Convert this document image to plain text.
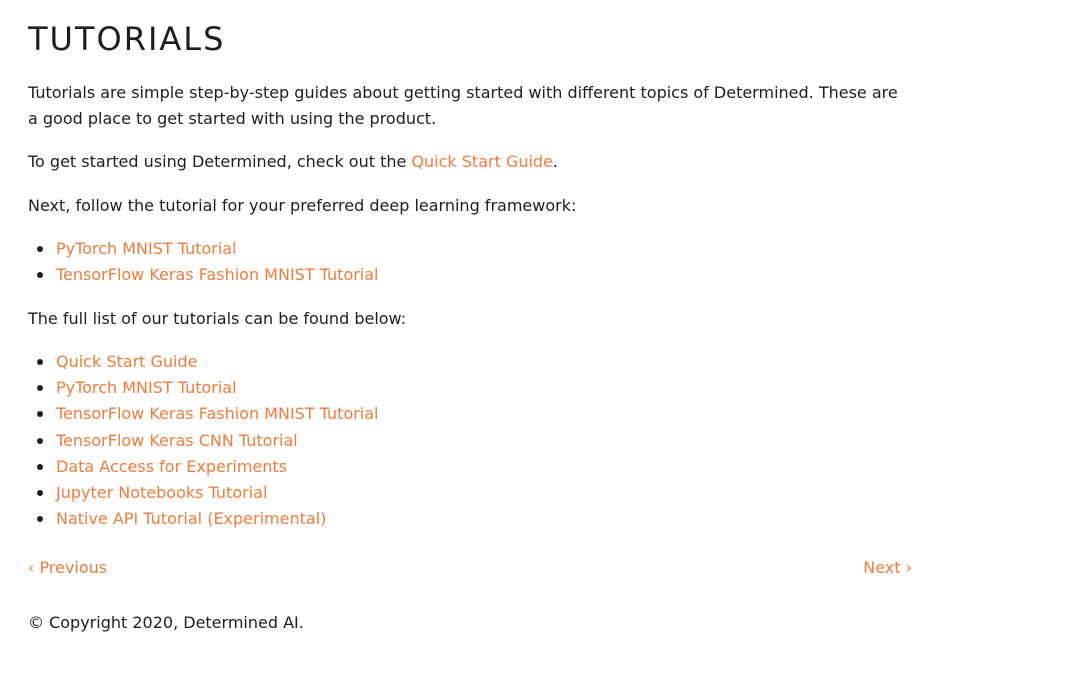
TUTORIALS

Tutorials are simple step-by-step guides about getting started with different topics of Determined. These are a good place to get started with using the product.

To get started using Determined, check out the Quick Start Guide.

Next, follow the tutorial for your preferred deep learning framework:

PyTorch MNIST Tutorial
TensorFlow Keras Fashion MNIST Tutorial

The full list of our tutorials can be found below:

Quick Start Guide
PyTorch MNIST Tutorial
TensorFlow Keras Fashion MNIST Tutorial
TensorFlow Keras CNN Tutorial
Data Access for Experiments
Jupyter Notebooks Tutorial
Native API Tutorial (Experimental)
‹ Previous	Next ›
© Copyright 2020, Determined AI.
